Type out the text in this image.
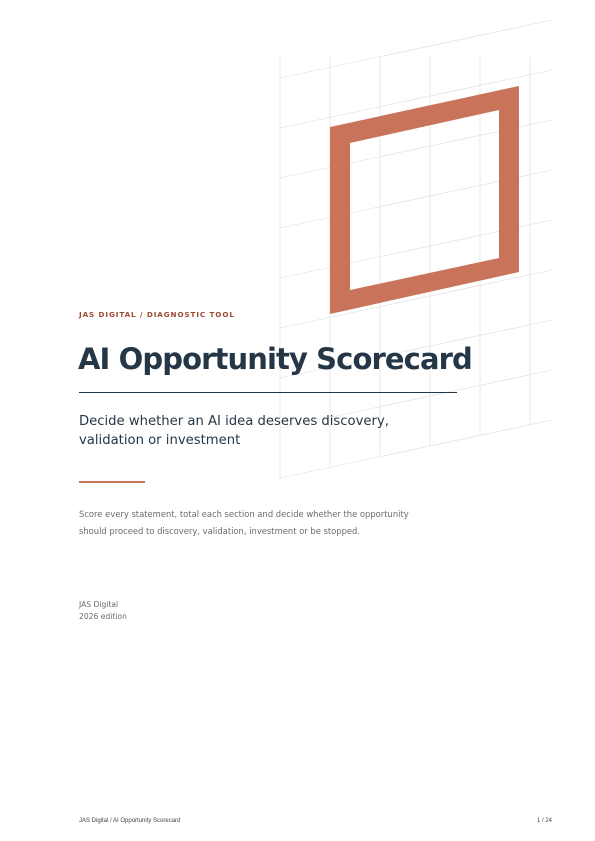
JAS DIGITAL / DIAGNOSTIC TOOL
AI Opportunity Scorecard
Decide whether an AI idea deserves discovery, validation or investment
Score every statement, total each section and decide whether the opportunity should proceed to discovery, validation, investment or be stopped.
JAS Digital
2026 edition
JAS Digital / AI Opportunity Scorecard	1 / 24
